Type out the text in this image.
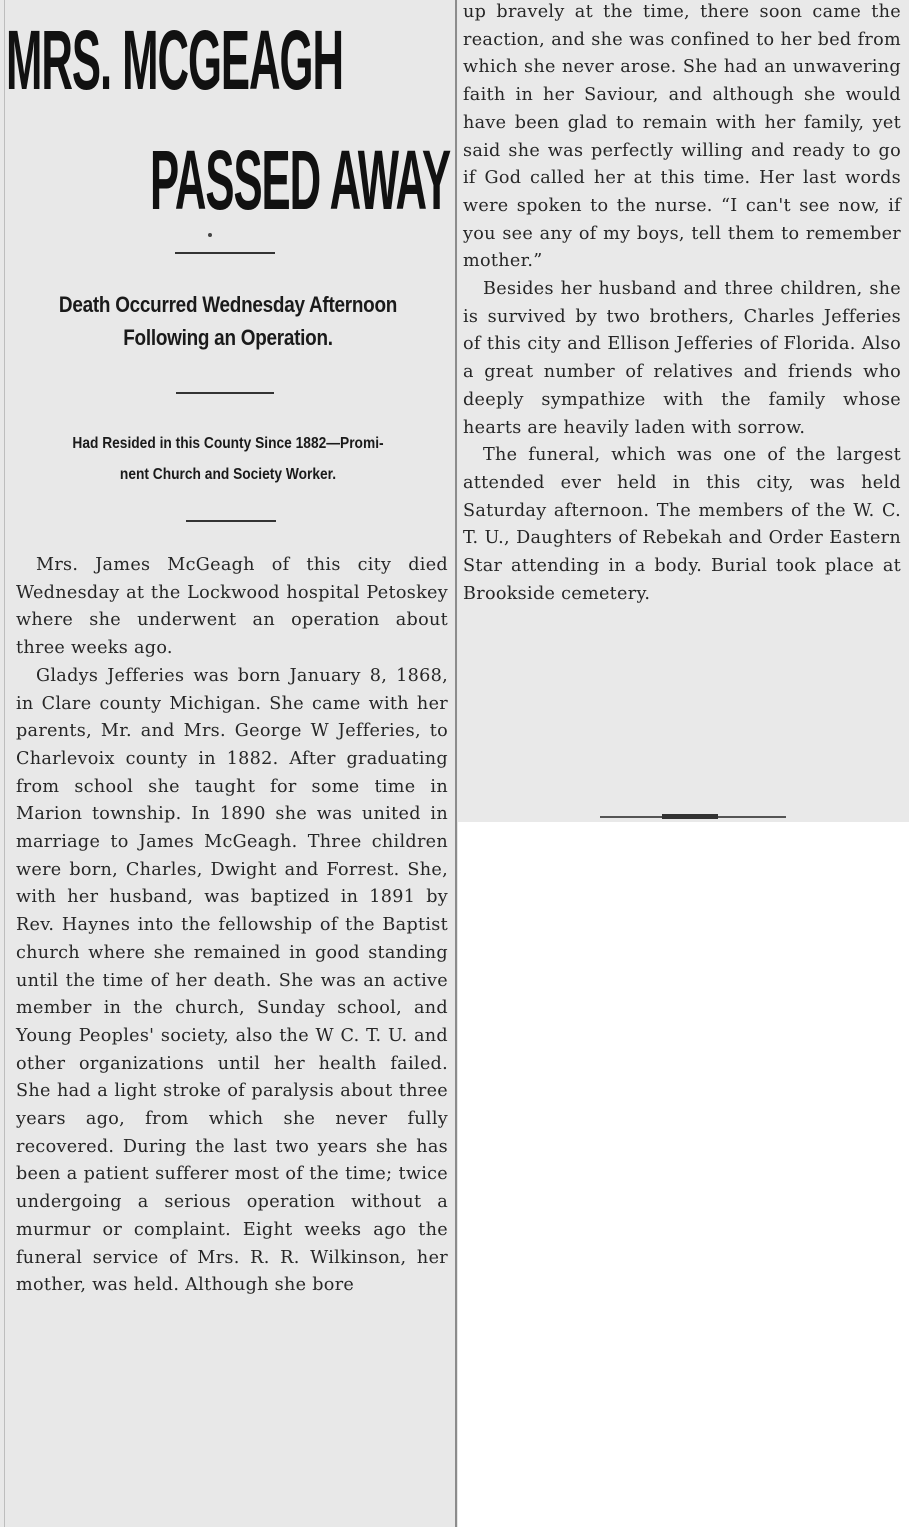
MRS. MCGEAGH
PASSED AWAY
Death Occurred Wednesday Afternoon
Following an Operation.
Had Resided in this County Since 1882—Promi-
nent Church and Society Worker.

Mrs. James McGeagh of this city died Wednesday at the Lockwood hospital Petoskey where she underwent an operation about three weeks ago.

Gladys Jefferies was born January 8, 1868, in Clare county Michigan. She came with her parents, Mr. and Mrs. George W Jefferies, to Charlevoix county in 1882. After graduating from school she taught for some time in Marion township. In 1890 she was united in marriage to James McGeagh. Three children were born, Charles, Dwight and Forrest. She, with her husband, was baptized in 1891 by Rev. Haynes into the fellowship of the Baptist church where she remained in good standing until the time of her death. She was an active member in the church, Sunday school, and Young Peoples' society, also the W C. T. U. and other organizations until her health failed. She had a light stroke of paralysis about three years ago, from which she never fully recovered. During the last two years she has been a patient sufferer most of the time; twice undergoing a serious operation without a murmur or complaint. Eight weeks ago the funeral service of Mrs. R. R. Wilkinson, her mother, was held. Although she bore

up bravely at the time, there soon came the reaction, and she was confined to her bed from which she never arose. She had an unwavering faith in her Saviour, and although she would have been glad to remain with her family, yet said she was perfectly willing and ready to go if God called her at this time. Her last words were spoken to the nurse. “I can't see now, if you see any of my boys, tell them to remember mother.”

Besides her husband and three children, she is survived by two brothers, Charles Jefferies of this city and Ellison Jefferies of Florida. Also a great number of relatives and friends who deeply sympathize with the family whose hearts are heavily laden with sorrow.

The funeral, which was one of the largest attended ever held in this city, was held Saturday afternoon. The members of the W. C. T. U., Daughters of Rebekah and Order Eastern Star attending in a body. Burial took place at Brookside cemetery.
